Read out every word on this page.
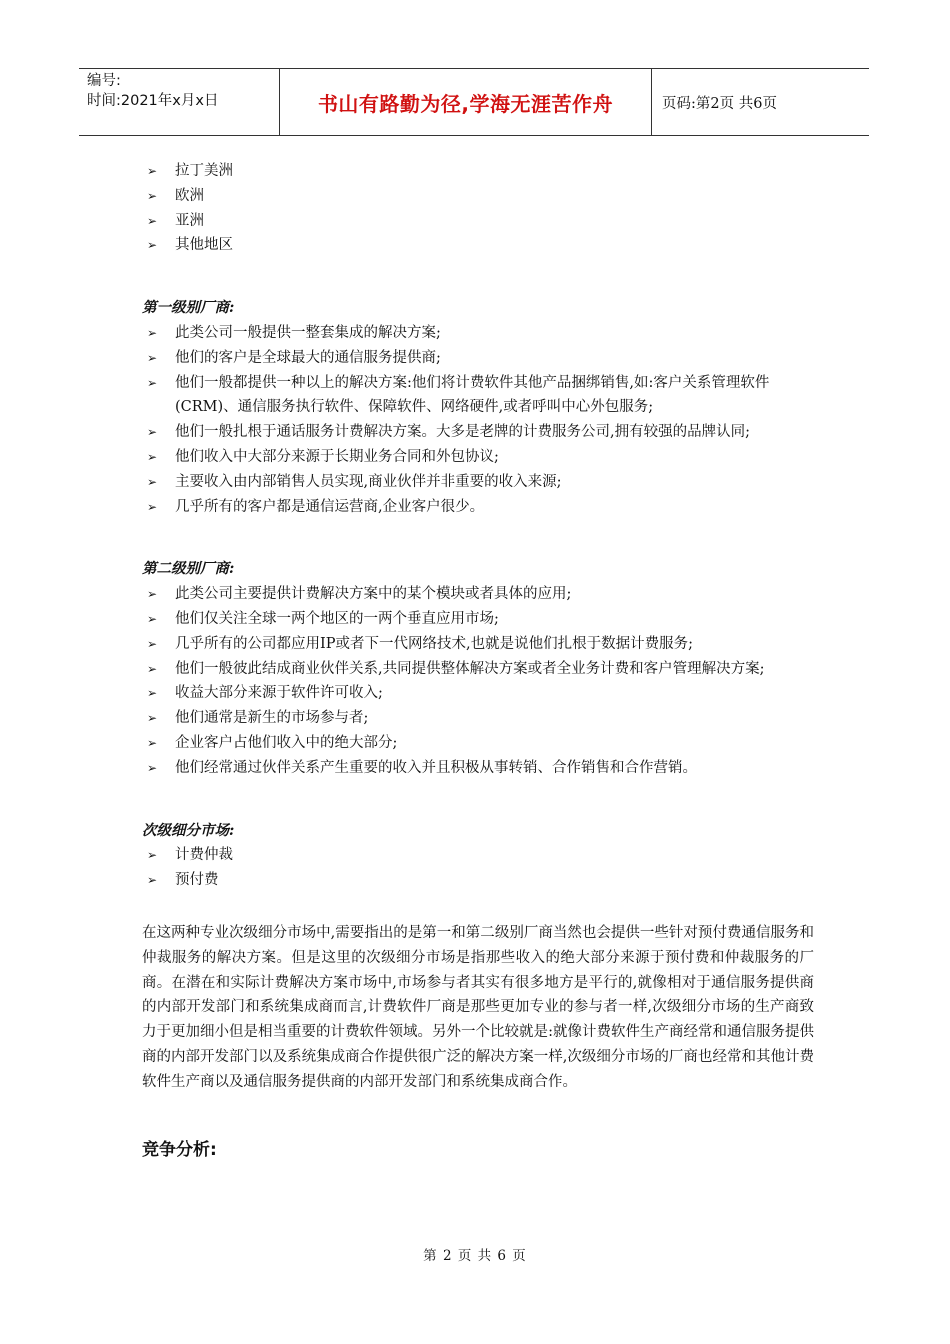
编号:
时间:2021年x月x日	书山有路勤为径,学海无涯苦作舟	页码:第2页 共6页
➢	拉丁美洲
➢	欧洲
➢	亚洲
➢	其他地区
第一级别厂商:
➢	此类公司一般提供一整套集成的解决方案;
➢	他们的客户是全球最大的通信服务提供商;
➢	他们一般都提供一种以上的解决方案:他们将计费软件其他产品捆绑销售,如:客户关系管理软件(CRM)、通信服务执行软件、保障软件、网络硬件,或者呼叫中心外包服务;
➢	他们一般扎根于通话服务计费解决方案。大多是老牌的计费服务公司,拥有较强的品牌认同;
➢	他们收入中大部分来源于长期业务合同和外包协议;
➢	主要收入由内部销售人员实现,商业伙伴并非重要的收入来源;
➢	几乎所有的客户都是通信运营商,企业客户很少。
第二级别厂商:
➢	此类公司主要提供计费解决方案中的某个模块或者具体的应用;
➢	他们仅关注全球一两个地区的一两个垂直应用市场;
➢	几乎所有的公司都应用IP或者下一代网络技术,也就是说他们扎根于数据计费服务;
➢	他们一般彼此结成商业伙伴关系,共同提供整体解决方案或者全业务计费和客户管理解决方案;
➢	收益大部分来源于软件许可收入;
➢	他们通常是新生的市场参与者;
➢	企业客户占他们收入中的绝大部分;
➢	他们经常通过伙伴关系产生重要的收入并且积极从事转销、合作销售和合作营销。
次级细分市场:
➢	计费仲裁
➢	预付费

在这两种专业次级细分市场中,需要指出的是第一和第二级别厂商当然也会提供一些针对预付费通信服务和仲裁服务的解决方案。但是这里的次级细分市场是指那些收入的绝大部分来源于预付费和仲裁服务的厂商。在潜在和实际计费解决方案市场中,市场参与者其实有很多地方是平行的,就像相对于通信服务提供商的内部开发部门和系统集成商而言,计费软件厂商是那些更加专业的参与者一样,次级细分市场的生产商致力于更加细小但是相当重要的计费软件领域。另外一个比较就是:就像计费软件生产商经常和通信服务提供商的内部开发部门以及系统集成商合作提供很广泛的解决方案一样,次级细分市场的厂商也经常和其他计费软件生产商以及通信服务提供商的内部开发部门和系统集成商合作。

竞争分析:
第 2 页 共 6 页
